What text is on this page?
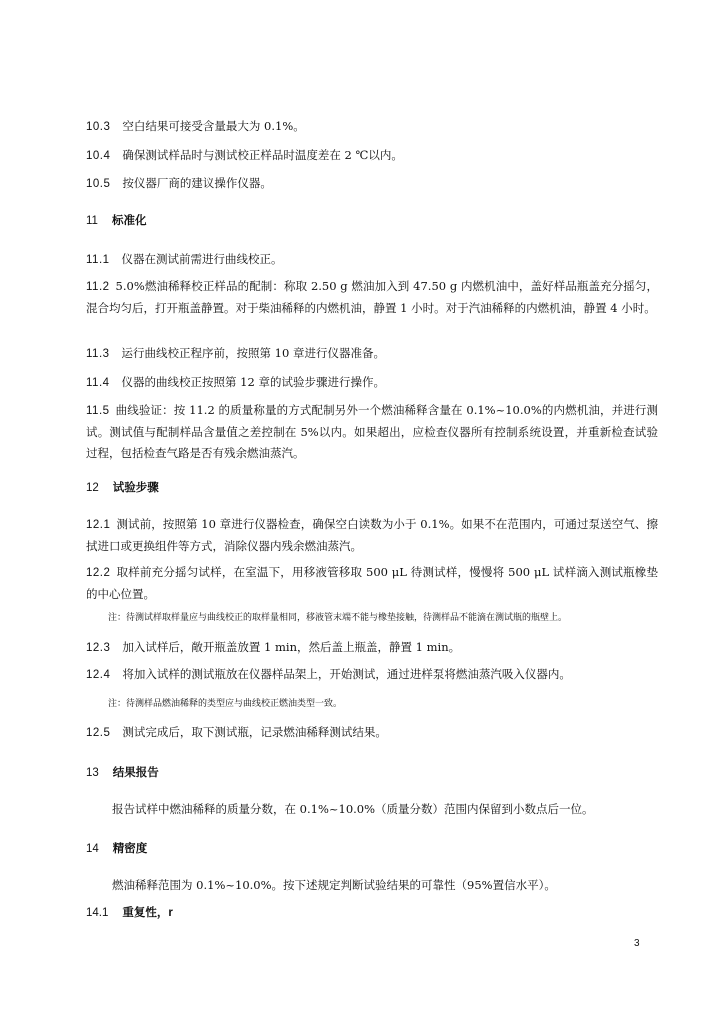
10.3 空白结果可接受含量最大为 0.1%。
10.4 确保测试样品时与测试校正样品时温度差在 2 ℃以内。
10.5 按仪器厂商的建议操作仪器。
11 标准化
11.1 仪器在测试前需进行曲线校正。
11.2 5.0%燃油稀释校正样品的配制：称取 2.50 g 燃油加入到 47.50 g 内燃机油中，盖好样品瓶盖充分摇匀，混合均匀后，打开瓶盖静置。对于柴油稀释的内燃机油，静置 1 小时。对于汽油稀释的内燃机油，静置 4 小时。
11.3 运行曲线校正程序前，按照第 10 章进行仪器准备。
11.4 仪器的曲线校正按照第 12 章的试验步骤进行操作。
11.5 曲线验证：按 11.2 的质量称量的方式配制另外一个燃油稀释含量在 0.1%~10.0%的内燃机油，并进行测试。测试值与配制样品含量值之差控制在 5%以内。如果超出，应检查仪器所有控制系统设置，并重新检查试验过程，包括检查气路是否有残余燃油蒸汽。
12 试验步骤
12.1 测试前，按照第 10 章进行仪器检查，确保空白读数为小于 0.1%。如果不在范围内，可通过泵送空气、擦拭进口或更换组件等方式，消除仪器内残余燃油蒸汽。
12.2 取样前充分摇匀试样，在室温下，用移液管移取 500 μL 待测试样，慢慢将 500 μL 试样滴入测试瓶橡垫的中心位置。
注：待测试样取样量应与曲线校正的取样量相同，移液管末端不能与橡垫接触，待测样品不能滴在测试瓶的瓶壁上。
12.3 加入试样后，敞开瓶盖放置 1 min，然后盖上瓶盖，静置 1 min。
12.4 将加入试样的测试瓶放在仪器样品架上，开始测试，通过进样泵将燃油蒸汽吸入仪器内。
注：待测样品燃油稀释的类型应与曲线校正燃油类型一致。
12.5 测试完成后，取下测试瓶，记录燃油稀释测试结果。
13 结果报告
报告试样中燃油稀释的质量分数，在 0.1%~10.0%（质量分数）范围内保留到小数点后一位。
14 精密度
燃油稀释范围为 0.1%~10.0%。按下述规定判断试验结果的可靠性（95%置信水平）。
14.1 重复性，r
3
